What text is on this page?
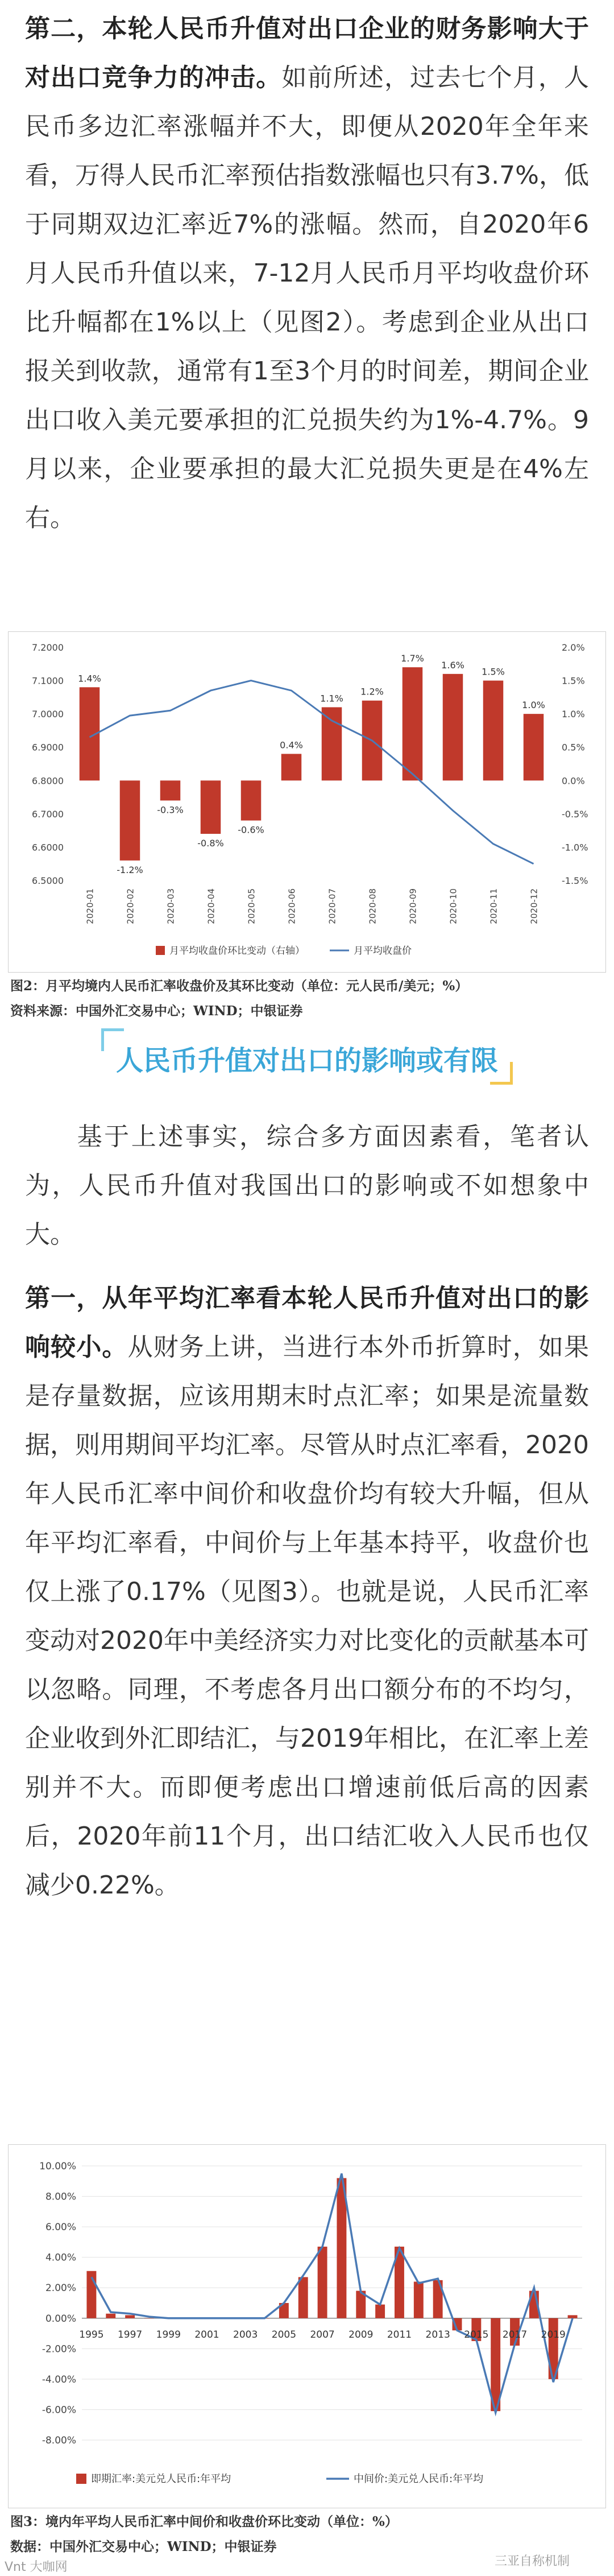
第二，本轮人民币升值对出口企业的财务影响大于对出口竞争力的冲击。如前所述，过去七个月，人民币多边汇率涨幅并不大，即便从2020年全年来看，万得人民币汇率预估指数涨幅也只有3.7%，低于同期双边汇率近7%的涨幅。然而，自2020年6月人民币升值以来，7-12月人民币月平均收盘价环比升幅都在1%以上（见图2）。考虑到企业从出口报关到收款，通常有1至3个月的时间差，期间企业出口收入美元要承担的汇兑损失约为1%-4.7%。9月以来，企业要承担的最大汇兑损失更是在4%左右。

6.5000
6.6000
6.7000
6.8000
6.9000
7.0000
7.1000
7.2000
-1.5%
-1.0%
-0.5%
0.0%
0.5%
1.0%
1.5%
2.0%
1.4%
-1.2%
-0.3%
-0.8%
-0.6%
0.4%
1.1%
1.2%
1.7%
1.6%
1.5%
1.0%
2020-01	2020-02	2020-03	2020-04	2020-05	2020-06	2020-07	2020-08	2020-09	2020-10	2020-11	2020-12
月平均收盘价环比变动（右轴）	月平均收盘价
图2：月平均境内人民币汇率收盘价及其环比变动（单位：元人民币/美元；%）
资料来源：中国外汇交易中心；WIND；中银证券
人民币升值对出口的影响或有限

基于上述事实，综合多方面因素看，笔者认为，人民币升值对我国出口的影响或不如想象中大。

第一，从年平均汇率看本轮人民币升值对出口的影响较小。从财务上讲，当进行本外币折算时，如果是存量数据，应该用期末时点汇率；如果是流量数据，则用期间平均汇率。尽管从时点汇率看，2020年人民币汇率中间价和收盘价均有较大升幅，但从年平均汇率看，中间价与上年基本持平，收盘价也仅上涨了0.17%（见图3）。也就是说，人民币汇率变动对2020年中美经济实力对比变化的贡献基本可以忽略。同理，不考虑各月出口额分布的不均匀，企业收到外汇即结汇，与2019年相比，在汇率上差别并不大。而即便考虑出口增速前低后高的因素后，2020年前11个月，出口结汇收入人民币也仅减少0.22%。

-8.00%
-6.00%
-4.00%
-2.00%
0.00%
2.00%
4.00%
6.00%
8.00%
10.00%
1995 1997 1999 2001 2003 2005 2007 2009 2011 2013 2015 2017 2019
即期汇率:美元兑人民币:年平均	中间价:美元兑人民币:年平均
图3：境内年平均人民币汇率中间价和收盘价环比变动（单位：%）
数据：中国外汇交易中心；WIND；中银证券
Vnt 大咖网	三亚自称机制
